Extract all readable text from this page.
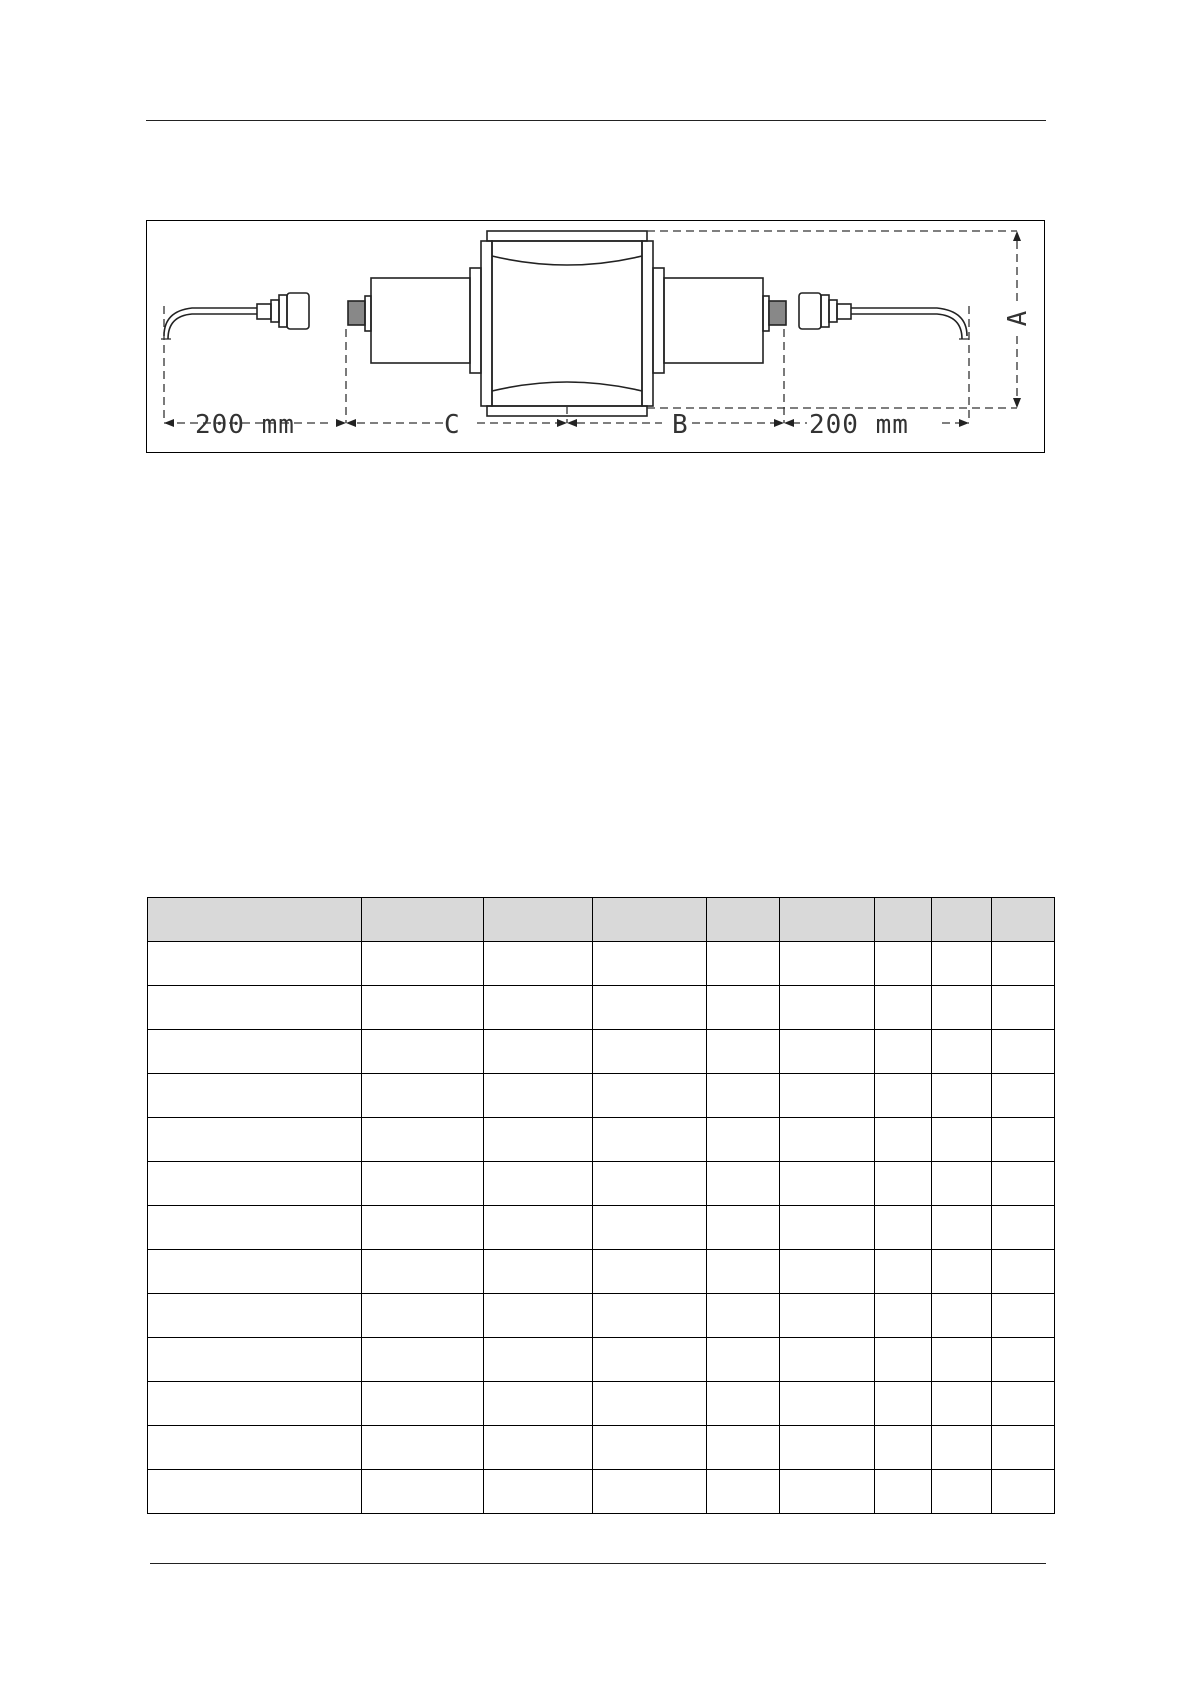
200 mm	C	B	200 mm
A
